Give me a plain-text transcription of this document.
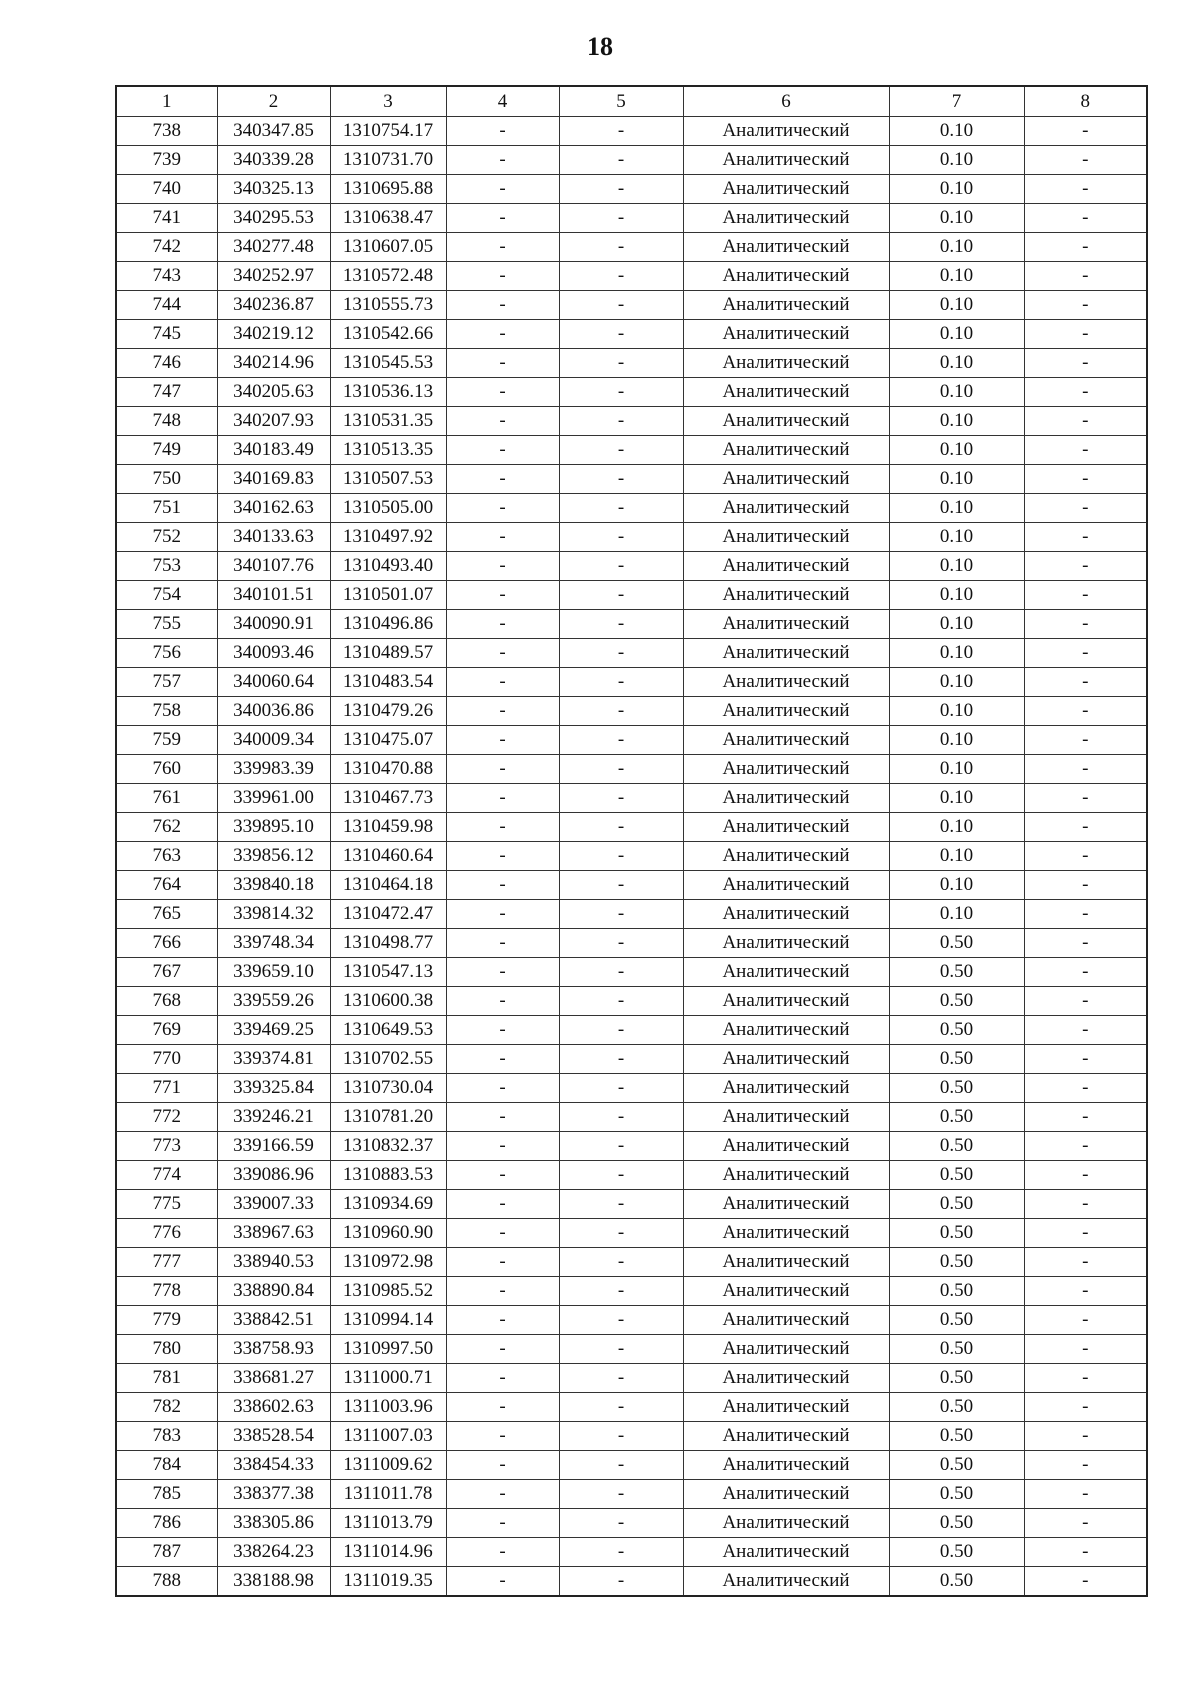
18
1	2	3	4	5	6	7	8
738	340347.85	1310754.17	-	-	Аналитический	0.10	-
739	340339.28	1310731.70	-	-	Аналитический	0.10	-
740	340325.13	1310695.88	-	-	Аналитический	0.10	-
741	340295.53	1310638.47	-	-	Аналитический	0.10	-
742	340277.48	1310607.05	-	-	Аналитический	0.10	-
743	340252.97	1310572.48	-	-	Аналитический	0.10	-
744	340236.87	1310555.73	-	-	Аналитический	0.10	-
745	340219.12	1310542.66	-	-	Аналитический	0.10	-
746	340214.96	1310545.53	-	-	Аналитический	0.10	-
747	340205.63	1310536.13	-	-	Аналитический	0.10	-
748	340207.93	1310531.35	-	-	Аналитический	0.10	-
749	340183.49	1310513.35	-	-	Аналитический	0.10	-
750	340169.83	1310507.53	-	-	Аналитический	0.10	-
751	340162.63	1310505.00	-	-	Аналитический	0.10	-
752	340133.63	1310497.92	-	-	Аналитический	0.10	-
753	340107.76	1310493.40	-	-	Аналитический	0.10	-
754	340101.51	1310501.07	-	-	Аналитический	0.10	-
755	340090.91	1310496.86	-	-	Аналитический	0.10	-
756	340093.46	1310489.57	-	-	Аналитический	0.10	-
757	340060.64	1310483.54	-	-	Аналитический	0.10	-
758	340036.86	1310479.26	-	-	Аналитический	0.10	-
759	340009.34	1310475.07	-	-	Аналитический	0.10	-
760	339983.39	1310470.88	-	-	Аналитический	0.10	-
761	339961.00	1310467.73	-	-	Аналитический	0.10	-
762	339895.10	1310459.98	-	-	Аналитический	0.10	-
763	339856.12	1310460.64	-	-	Аналитический	0.10	-
764	339840.18	1310464.18	-	-	Аналитический	0.10	-
765	339814.32	1310472.47	-	-	Аналитический	0.10	-
766	339748.34	1310498.77	-	-	Аналитический	0.50	-
767	339659.10	1310547.13	-	-	Аналитический	0.50	-
768	339559.26	1310600.38	-	-	Аналитический	0.50	-
769	339469.25	1310649.53	-	-	Аналитический	0.50	-
770	339374.81	1310702.55	-	-	Аналитический	0.50	-
771	339325.84	1310730.04	-	-	Аналитический	0.50	-
772	339246.21	1310781.20	-	-	Аналитический	0.50	-
773	339166.59	1310832.37	-	-	Аналитический	0.50	-
774	339086.96	1310883.53	-	-	Аналитический	0.50	-
775	339007.33	1310934.69	-	-	Аналитический	0.50	-
776	338967.63	1310960.90	-	-	Аналитический	0.50	-
777	338940.53	1310972.98	-	-	Аналитический	0.50	-
778	338890.84	1310985.52	-	-	Аналитический	0.50	-
779	338842.51	1310994.14	-	-	Аналитический	0.50	-
780	338758.93	1310997.50	-	-	Аналитический	0.50	-
781	338681.27	1311000.71	-	-	Аналитический	0.50	-
782	338602.63	1311003.96	-	-	Аналитический	0.50	-
783	338528.54	1311007.03	-	-	Аналитический	0.50	-
784	338454.33	1311009.62	-	-	Аналитический	0.50	-
785	338377.38	1311011.78	-	-	Аналитический	0.50	-
786	338305.86	1311013.79	-	-	Аналитический	0.50	-
787	338264.23	1311014.96	-	-	Аналитический	0.50	-
788	338188.98	1311019.35	-	-	Аналитический	0.50	-
